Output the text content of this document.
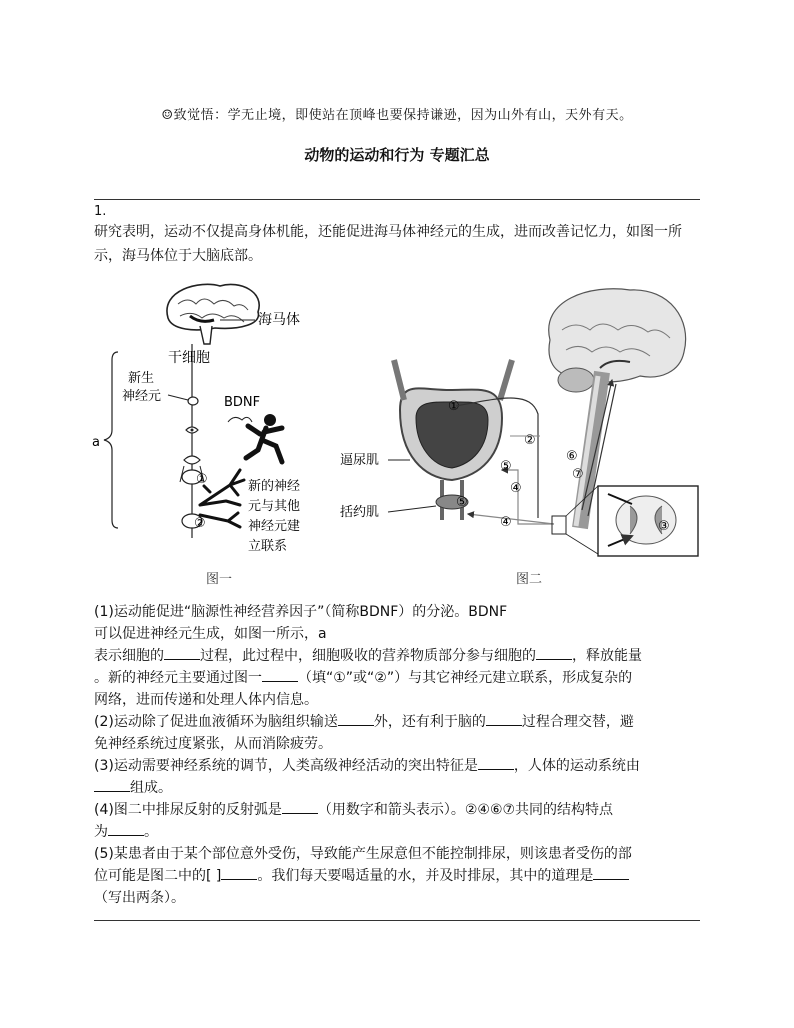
☺致觉悟：学无止境，即使站在顶峰也要保持谦逊，因为山外有山，天外有天。
动物的运动和行为 专题汇总
1.
研究表明，运动不仅提高身体机能，还能促进海马体神经元的生成，进而改善记忆力，如图一所示，海马体位于大脑底部。
海马体
干细胞
新生
神经元	BDNF
①
②
新的神经
元与其他
神经元建
立联系
a
图一
⑥
⑦
①
②
⑤
④
⑤
④
逼尿肌
括约肌
③
图二
(1)运动能促进“脑源性神经营养因子”（简称BDNF）的分泌。BDNF
可以促进神经元生成，如图一所示，a
表示细胞的	过程，此过程中，细胞吸收的营养物质部分参与细胞的	，释放能量
。新的神经元主要通过图一	（填“①”或“②”）与其它神经元建立联系，形成复杂的
网络，进而传递和处理人体内信息。
(2)运动除了促进血液循环为脑组织输送	外，还有利于脑的	过程合理交替，避
免神经系统过度紧张，从而消除疲劳。
(3)运动需要神经系统的调节，人类高级神经活动的突出特征是	，人体的运动系统由
组成。
(4)图二中排尿反射的反射弧是	（用数字和箭头表示）。②④⑥⑦共同的结构特点
为	。
(5)某患者由于某个部位意外受伤，导致能产生尿意但不能控制排尿，则该患者受伤的部
位可能是图二中的[ ]	。我们每天要喝适量的水，并及时排尿，其中的道理是
（写出两条）。
